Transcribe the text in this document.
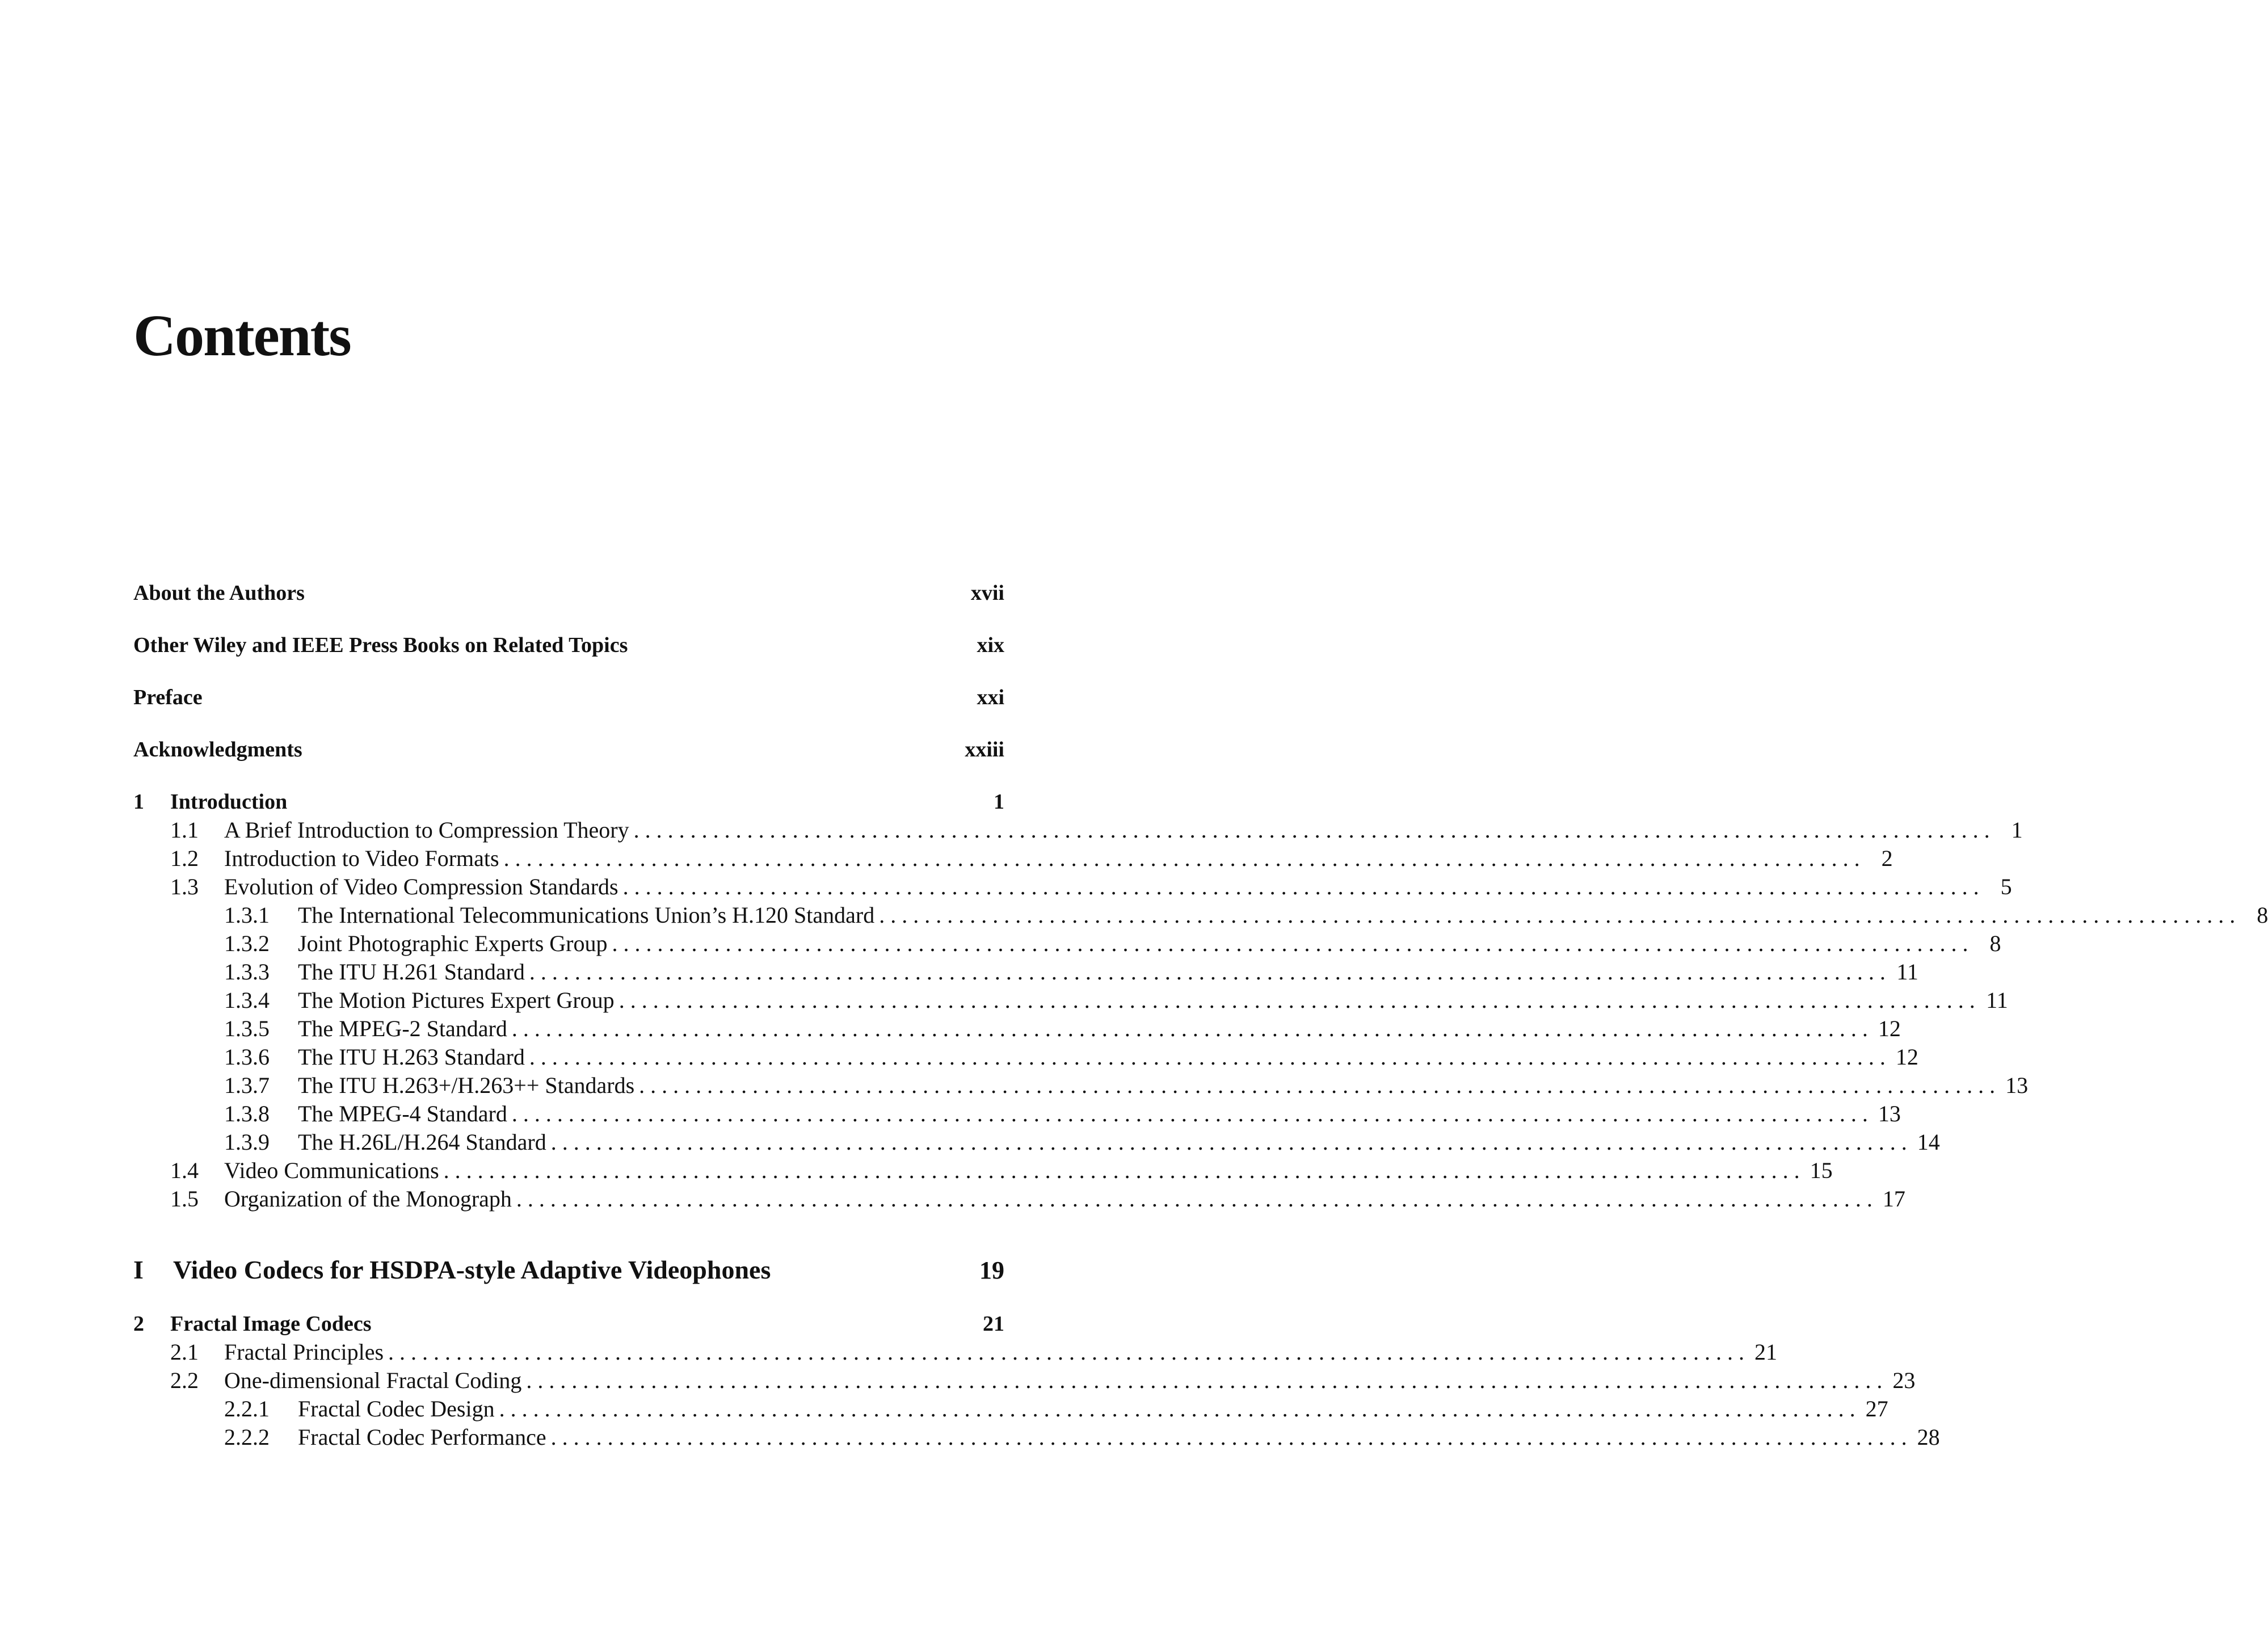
Contents
About the Authors	xvii
Other Wiley and IEEE Press Books on Related Topics	xix
Preface	xxi
Acknowledgments	xxiii
1	Introduction	1
1.1	A Brief Introduction to Compression Theory ........................................................................................................................ 1
1.2	Introduction to Video Formats ........................................................................................................................ 2
1.3	Evolution of Video Compression Standards ........................................................................................................................ 5
1.3.1	The International Telecommunications Union’s H.120 Standard ........................................................................................................................ 8
1.3.2	Joint Photographic Experts Group ........................................................................................................................ 8
1.3.3	The ITU H.261 Standard ........................................................................................................................ 11
1.3.4	The Motion Pictures Expert Group ........................................................................................................................ 11
1.3.5	The MPEG-2 Standard ........................................................................................................................ 12
1.3.6	The ITU H.263 Standard ........................................................................................................................ 12
1.3.7	The ITU H.263+/H.263++ Standards ........................................................................................................................ 13
1.3.8	The MPEG-4 Standard ........................................................................................................................ 13
1.3.9	The H.26L/H.264 Standard ........................................................................................................................ 14
1.4	Video Communications ........................................................................................................................ 15
1.5	Organization of the Monograph ........................................................................................................................ 17
I	Video Codecs for HSDPA-style Adaptive Videophones	19
2	Fractal Image Codecs	21
2.1	Fractal Principles ........................................................................................................................ 21
2.2	One-dimensional Fractal Coding ........................................................................................................................ 23
2.2.1	Fractal Codec Design ........................................................................................................................ 27
2.2.2	Fractal Codec Performance ........................................................................................................................ 28
